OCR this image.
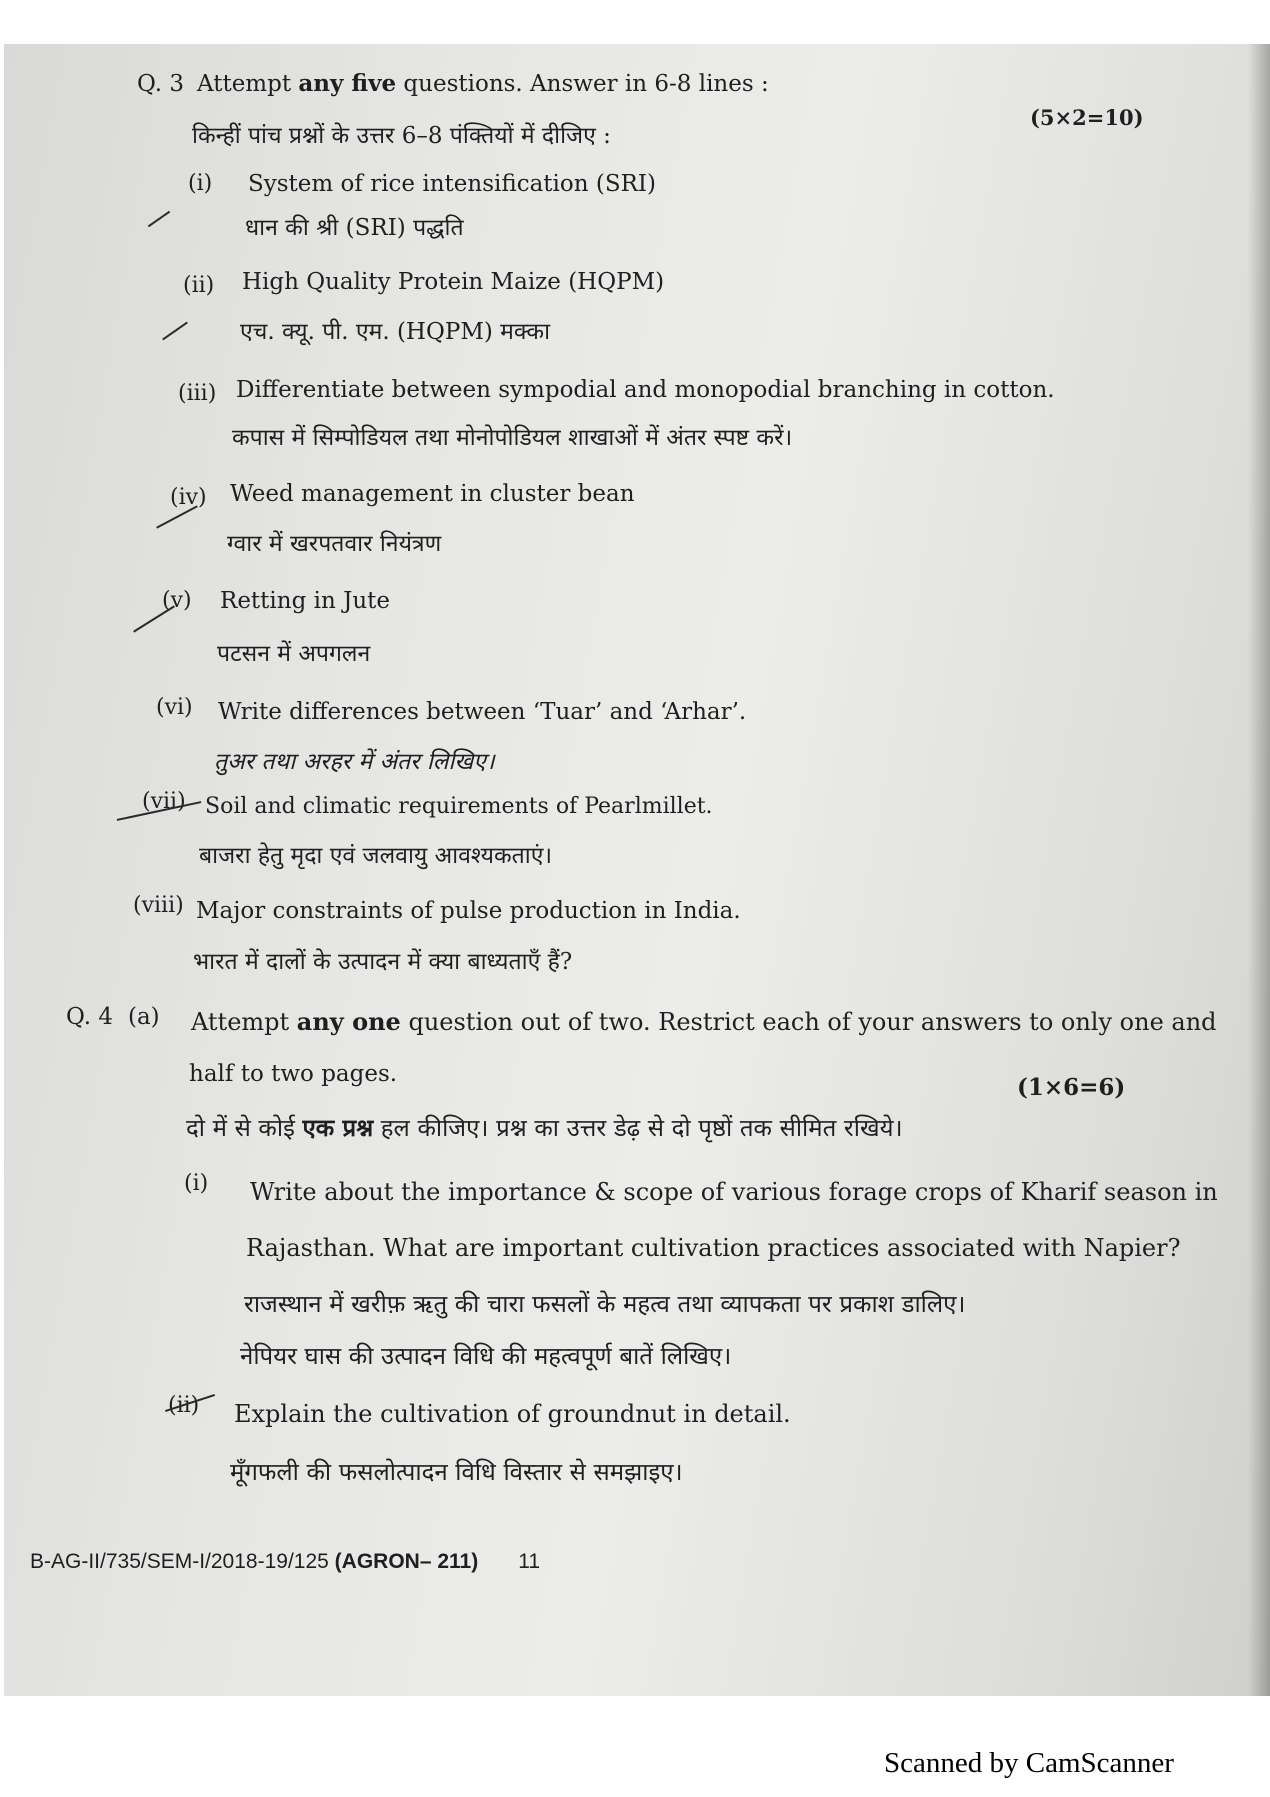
Q. 3 Attempt any five questions. Answer in 6-8 lines :
(5×2=10)
किन्हीं पांच प्रश्नों के उत्तर 6–8 पंक्तियों में दीजिए :
(i) System of rice intensification (SRI)
धान की श्री (SRI) पद्धति
(ii) High Quality Protein Maize (HQPM)
एच. क्यू. पी. एम. (HQPM) मक्का
(iii) Differentiate between sympodial and monopodial branching in cotton.
कपास में सिम्पोडियल तथा मोनोपोडियल शाखाओं में अंतर स्पष्ट करें।
(iv) Weed management in cluster bean
ग्वार में खरपतवार नियंत्रण
(v) Retting in Jute
पटसन में अपगलन
(vi) Write differences between ‘Tuar’ and ‘Arhar’.
तुअर तथा अरहर में अंतर लिखिए।
(vii) Soil and climatic requirements of Pearlmillet.
बाजरा हेतु मृदा एवं जलवायु आवश्यकताएं।
(viii) Major constraints of pulse production in India.
भारत में दालों के उत्पादन में क्या बाध्यताएँ हैं?
Q. 4 (a) Attempt any one question out of two. Restrict each of your answers to only one and
half to two pages.	(1×6=6)
दो में से कोई एक प्रश्न हल कीजिए। प्रश्न का उत्तर डेढ़ से दो पृष्ठों तक सीमित रखिये।
(i) Write about the importance & scope of various forage crops of Kharif season in
Rajasthan. What are important cultivation practices associated with Napier?
राजस्थान में खरीफ़ ऋतु की चारा फसलों के महत्व तथा व्यापकता पर प्रकाश डालिए।
नेपियर घास की उत्पादन विधि की महत्वपूर्ण बातें लिखिए।
(ii) Explain the cultivation of groundnut in detail.
मूँगफली की फसलोत्पादन विधि विस्तार से समझाइए।
B-AG-II/735/SEM-I/2018-19/125 (AGRON– 211) 11
Scanned by CamScanner
